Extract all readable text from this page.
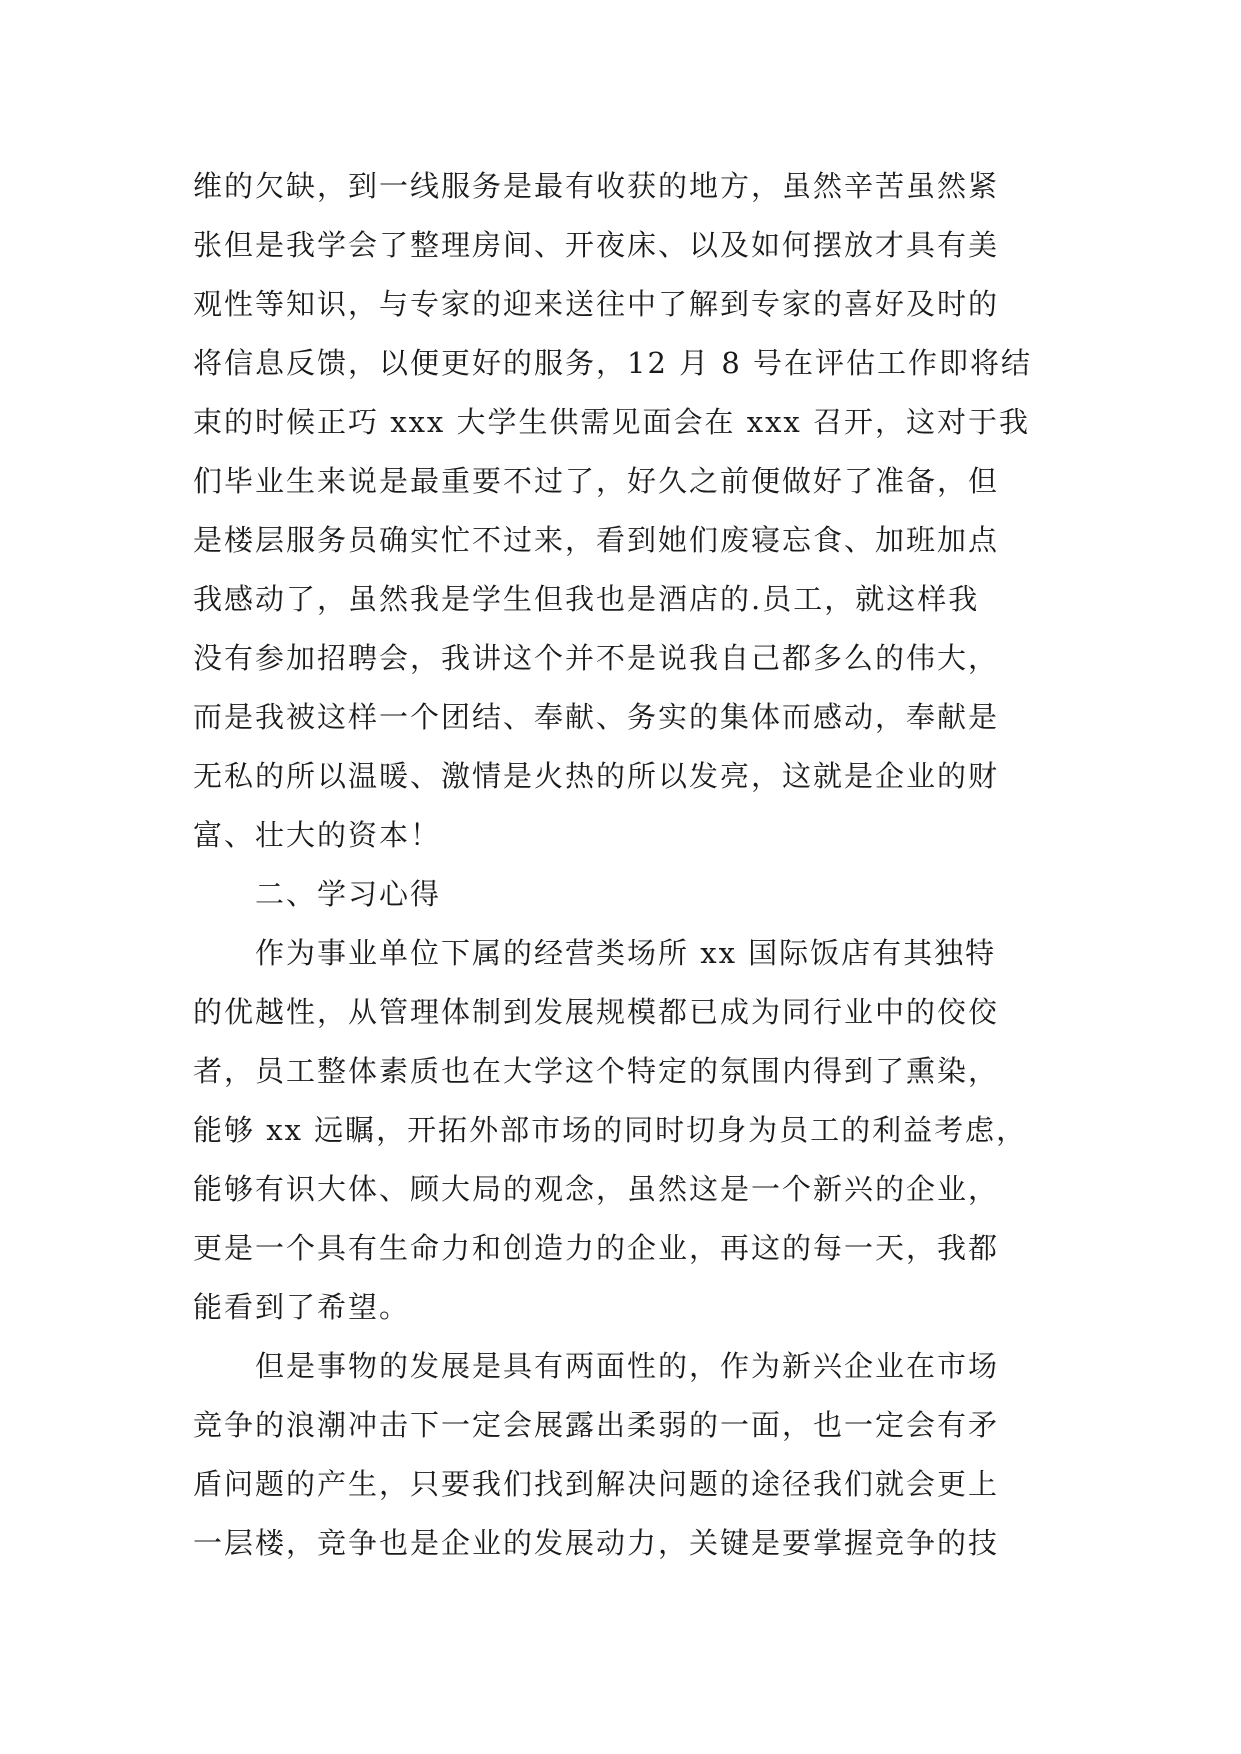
维的欠缺，到一线服务是最有收获的地方，虽然辛苦虽然紧
张但是我学会了整理房间、开夜床、以及如何摆放才具有美
观性等知识，与专家的迎来送往中了解到专家的喜好及时的
将信息反馈，以便更好的服务，12 月 8 号在评估工作即将结
束的时候正巧 xxx 大学生供需见面会在 xxx 召开，这对于我
们毕业生来说是最重要不过了，好久之前便做好了准备，但
是楼层服务员确实忙不过来，看到她们废寝忘食、加班加点
我感动了，虽然我是学生但我也是酒店的.员工，就这样我
没有参加招聘会，我讲这个并不是说我自己都多么的伟大，
而是我被这样一个团结、奉献、务实的集体而感动，奉献是
无私的所以温暖、激情是火热的所以发亮，这就是企业的财
富、壮大的资本！
二、学习心得
作为事业单位下属的经营类场所 xx 国际饭店有其独特
的优越性，从管理体制到发展规模都已成为同行业中的佼佼
者，员工整体素质也在大学这个特定的氛围内得到了熏染，
能够 xx 远瞩，开拓外部市场的同时切身为员工的利益考虑，
能够有识大体、顾大局的观念，虽然这是一个新兴的企业，
更是一个具有生命力和创造力的企业，再这的每一天，我都
能看到了希望。
但是事物的发展是具有两面性的，作为新兴企业在市场
竞争的浪潮冲击下一定会展露出柔弱的一面，也一定会有矛
盾问题的产生，只要我们找到解决问题的途径我们就会更上
一层楼，竞争也是企业的发展动力，关键是要掌握竞争的技
